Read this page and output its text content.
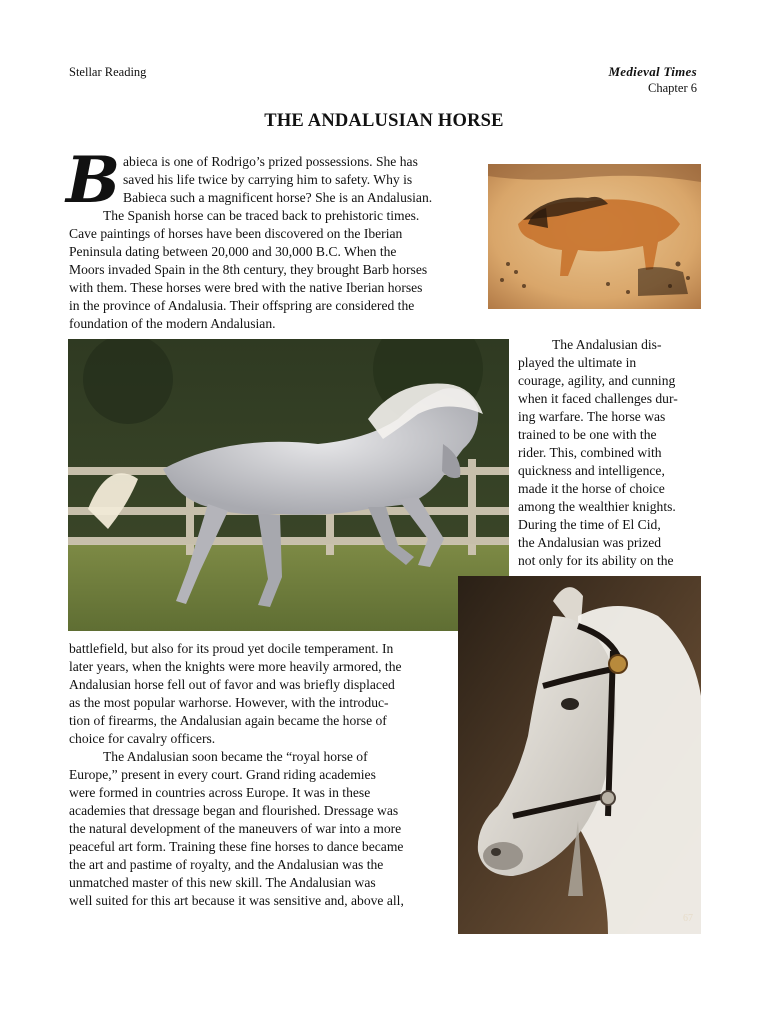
Stellar Reading	Medieval Times
Chapter 6
THE ANDALUSIAN HORSE
B abieca is one of Rodrigo’s prized possessions. She has

saved his life twice by carrying him to safety. Why is

Babieca such a magnificent horse? She is an Andalusian.

The Spanish horse can be traced back to prehistoric times.

Cave paintings of horses have been discovered on the Iberian

Peninsula dating between 20,000 and 30,000 B.C. When the

Moors invaded Spain in the 8th century, they brought Barb horses

with them. These horses were bred with the native Iberian horses

in the province of Andalusia. Their offspring are considered the

foundation of the modern Andalusian.

The Andalusian dis-

played the ultimate in

courage, agility, and cunning

when it faced challenges dur-

ing warfare. The horse was

trained to be one with the

rider. This, combined with

quickness and intelligence,

made it the horse of choice

among the wealthier knights.

During the time of El Cid,

the Andalusian was prized

not only for its ability on the

battlefield, but also for its proud yet docile temperament. In

later years, when the knights were more heavily armored, the

Andalusian horse fell out of favor and was briefly displaced

as the most popular warhorse. However, with the introduc-

tion of firearms, the Andalusian again became the horse of

choice for cavalry officers.

The Andalusian soon became the “royal horse of

Europe,” present in every court. Grand riding academies

were formed in countries across Europe. It was in these

academies that dressage began and flourished. Dressage was

the natural development of the maneuvers of war into a more

peaceful art form. Training these fine horses to dance became

the art and pastime of royalty, and the Andalusian was the

unmatched master of this new skill. The Andalusian was

well suited for this art because it was sensitive and, above all,

67
